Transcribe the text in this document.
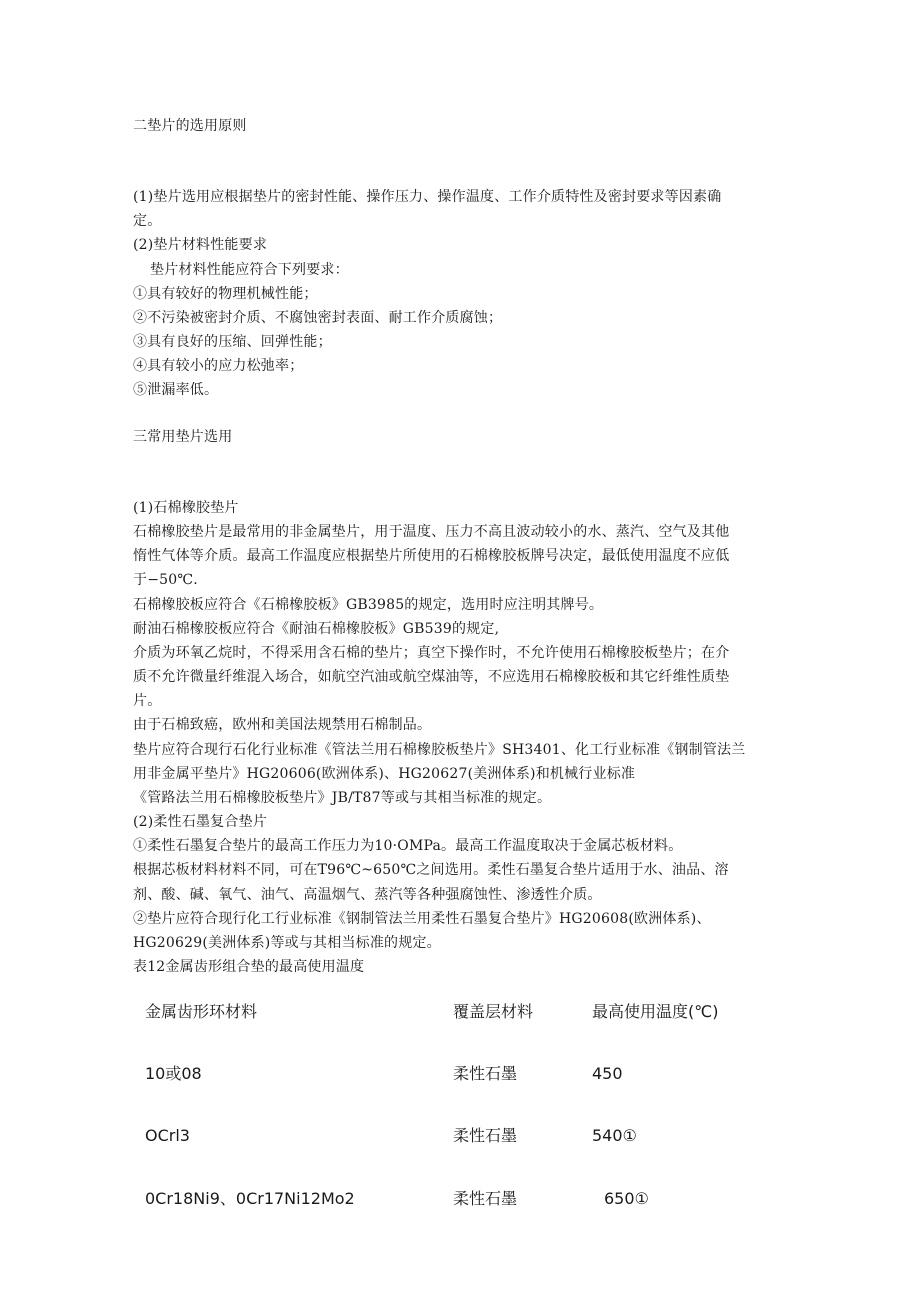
二垫片的选用原则
(1)垫片选用应根据垫片的密封性能、操作压力、操作温度、工作介质特性及密封要求等因素确
定。
(2)垫片材料性能要求
垫片材料性能应符合下列要求：
①具有较好的物理机械性能；
②不污染被密封介质、不腐蚀密封表面、耐工作介质腐蚀；
③具有良好的压缩、回弹性能；
④具有较小的应力松弛率；
⑤泄漏率低。
三常用垫片选用
(1)石棉橡胶垫片
石棉橡胶垫片是最常用的非金属垫片，用于温度、压力不高且波动较小的水、蒸汽、空气及其他
惰性气体等介质。最高工作温度应根据垫片所使用的石棉橡胶板牌号决定，最低使用温度不应低
于−50℃.
石棉橡胶板应符合《石棉橡胶板》GB3985的规定，选用时应注明其牌号。
耐油石棉橡胶板应符合《耐油石棉橡胶板》GB539的规定,
介质为环氧乙烷时，不得采用含石棉的垫片；真空下操作时，不允许使用石棉橡胶板垫片；在介
质不允许微量纤维混入场合，如航空汽油或航空煤油等，不应选用石棉橡胶板和其它纤维性质垫
片。
由于石棉致癌，欧州和美国法规禁用石棉制品。
垫片应符合现行石化行业标准《管法兰用石棉橡胶板垫片》SH3401、化工行业标准《钢制管法兰
用非金属平垫片》HG20606(欧洲体系)、HG20627(美洲体系)和机械行业标准
《管路法兰用石棉橡胶板垫片》JB/T87等或与其相当标准的规定。
(2)柔性石墨复合垫片
①柔性石墨复合垫片的最高工作压力为10·OMPa。最高工作温度取决于金属芯板材料。
根据芯板材料材料不同，可在T96℃~650℃之间选用。柔性石墨复合垫片适用于水、油品、溶
剂、酸、碱、氧气、油气、高温烟气、蒸汽等各种强腐蚀性、渗透性介质。
②垫片应符合现行化工行业标准《钢制管法兰用柔性石墨复合垫片》HG20608(欧洲体系)、
HG20629(美洲体系)等或与其相当标准的规定。
表12金属齿形组合垫的最高使用温度
金属齿形环材料	覆盖层材料	最高使用温度(℃)
10或08	柔性石墨	450
OCrl3	柔性石墨	540①
0Cr18Ni9、0Cr17Ni12Mo2	柔性石墨	650①
